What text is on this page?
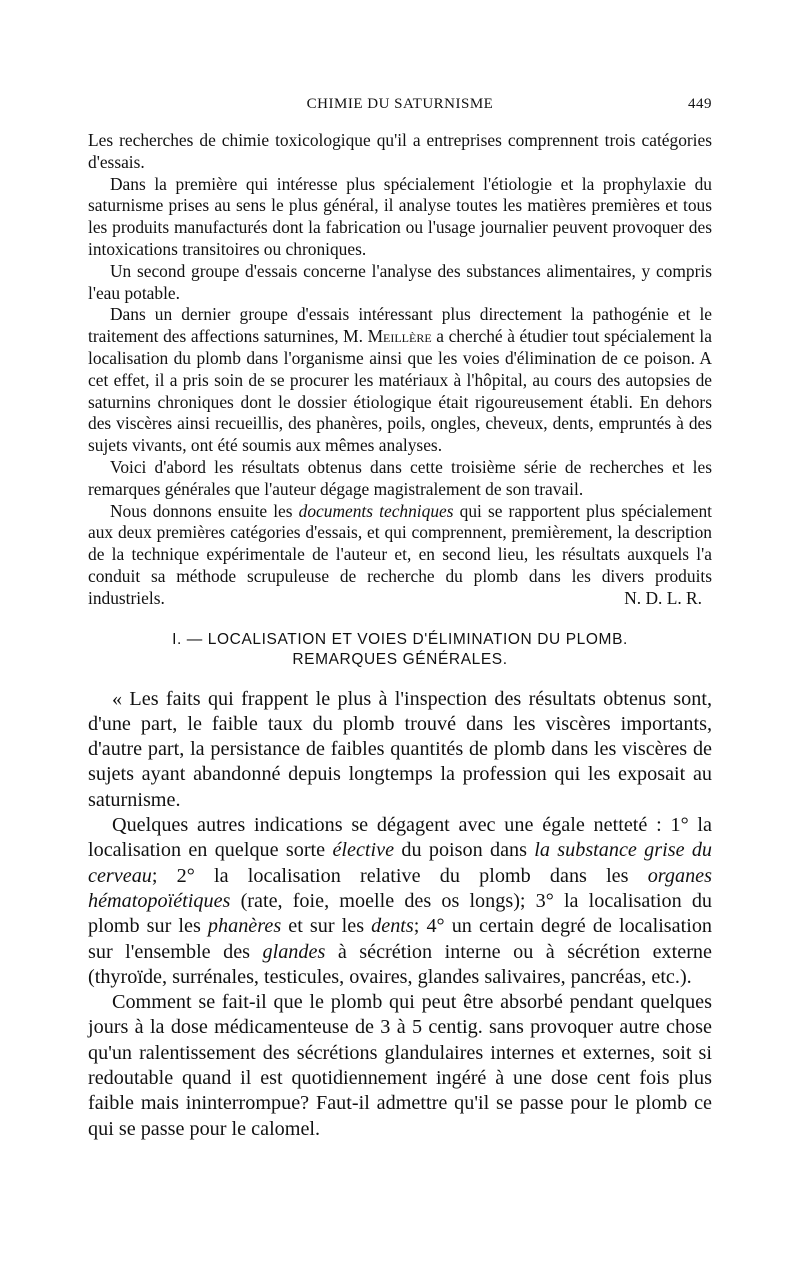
CHIMIE DU SATURNISME	449

Les recherches de chimie toxicologique qu'il a entreprises comprennent trois catégories d'essais.

Dans la première qui intéresse plus spécialement l'étiologie et la prophylaxie du saturnisme prises au sens le plus général, il analyse toutes les matières premières et tous les produits manufacturés dont la fabrication ou l'usage journalier peuvent provoquer des intoxications transitoires ou chroniques.

Un second groupe d'essais concerne l'analyse des substances alimentaires, y compris l'eau potable.

Dans un dernier groupe d'essais intéressant plus directement la pathogénie et le traitement des affections saturnines, M. Meillère a cherché à étudier tout spécialement la localisation du plomb dans l'organisme ainsi que les voies d'élimination de ce poison. A cet effet, il a pris soin de se procurer les matériaux à l'hôpital, au cours des autopsies de saturnins chroniques dont le dossier étiologique était rigoureusement établi. En dehors des viscères ainsi recueillis, des phanères, poils, ongles, cheveux, dents, empruntés à des sujets vivants, ont été soumis aux mêmes analyses.

Voici d'abord les résultats obtenus dans cette troisième série de recherches et les remarques générales que l'auteur dégage magistralement de son travail.

Nous donnons ensuite les documents techniques qui se rapportent plus spécialement aux deux premières catégories d'essais, et qui comprennent, premièrement, la description de la technique expérimentale de l'auteur et, en second lieu, les résultats auxquels l'a conduit sa méthode scrupuleuse de recherche du plomb dans les divers produits industriels.	N. D. L. R.

I. — LOCALISATION ET VOIES D'ÉLIMINATION DU PLOMB.
REMARQUES GÉNÉRALES.

« Les faits qui frappent le plus à l'inspection des résultats obtenus sont, d'une part, le faible taux du plomb trouvé dans les viscères importants, d'autre part, la persistance de faibles quantités de plomb dans les viscères de sujets ayant abandonné depuis longtemps la profession qui les exposait au saturnisme.

Quelques autres indications se dégagent avec une égale netteté : 1° la localisation en quelque sorte élective du poison dans la substance grise du cerveau; 2° la localisation relative du plomb dans les organes hématopoïétiques (rate, foie, moelle des os longs); 3° la localisation du plomb sur les phanères et sur les dents; 4° un certain degré de localisation sur l'ensemble des glandes à sécrétion interne ou à sécrétion externe (thyroïde, surrénales, testicules, ovaires, glandes salivaires, pancréas, etc.).

Comment se fait-il que le plomb qui peut être absorbé pendant quelques jours à la dose médicamenteuse de 3 à 5 centig. sans provoquer autre chose qu'un ralentissement des sécrétions glandulaires internes et externes, soit si redoutable quand il est quotidiennement ingéré à une dose cent fois plus faible mais ininterrompue? Faut-il admettre qu'il se passe pour le plomb ce qui se passe pour le calomel.
